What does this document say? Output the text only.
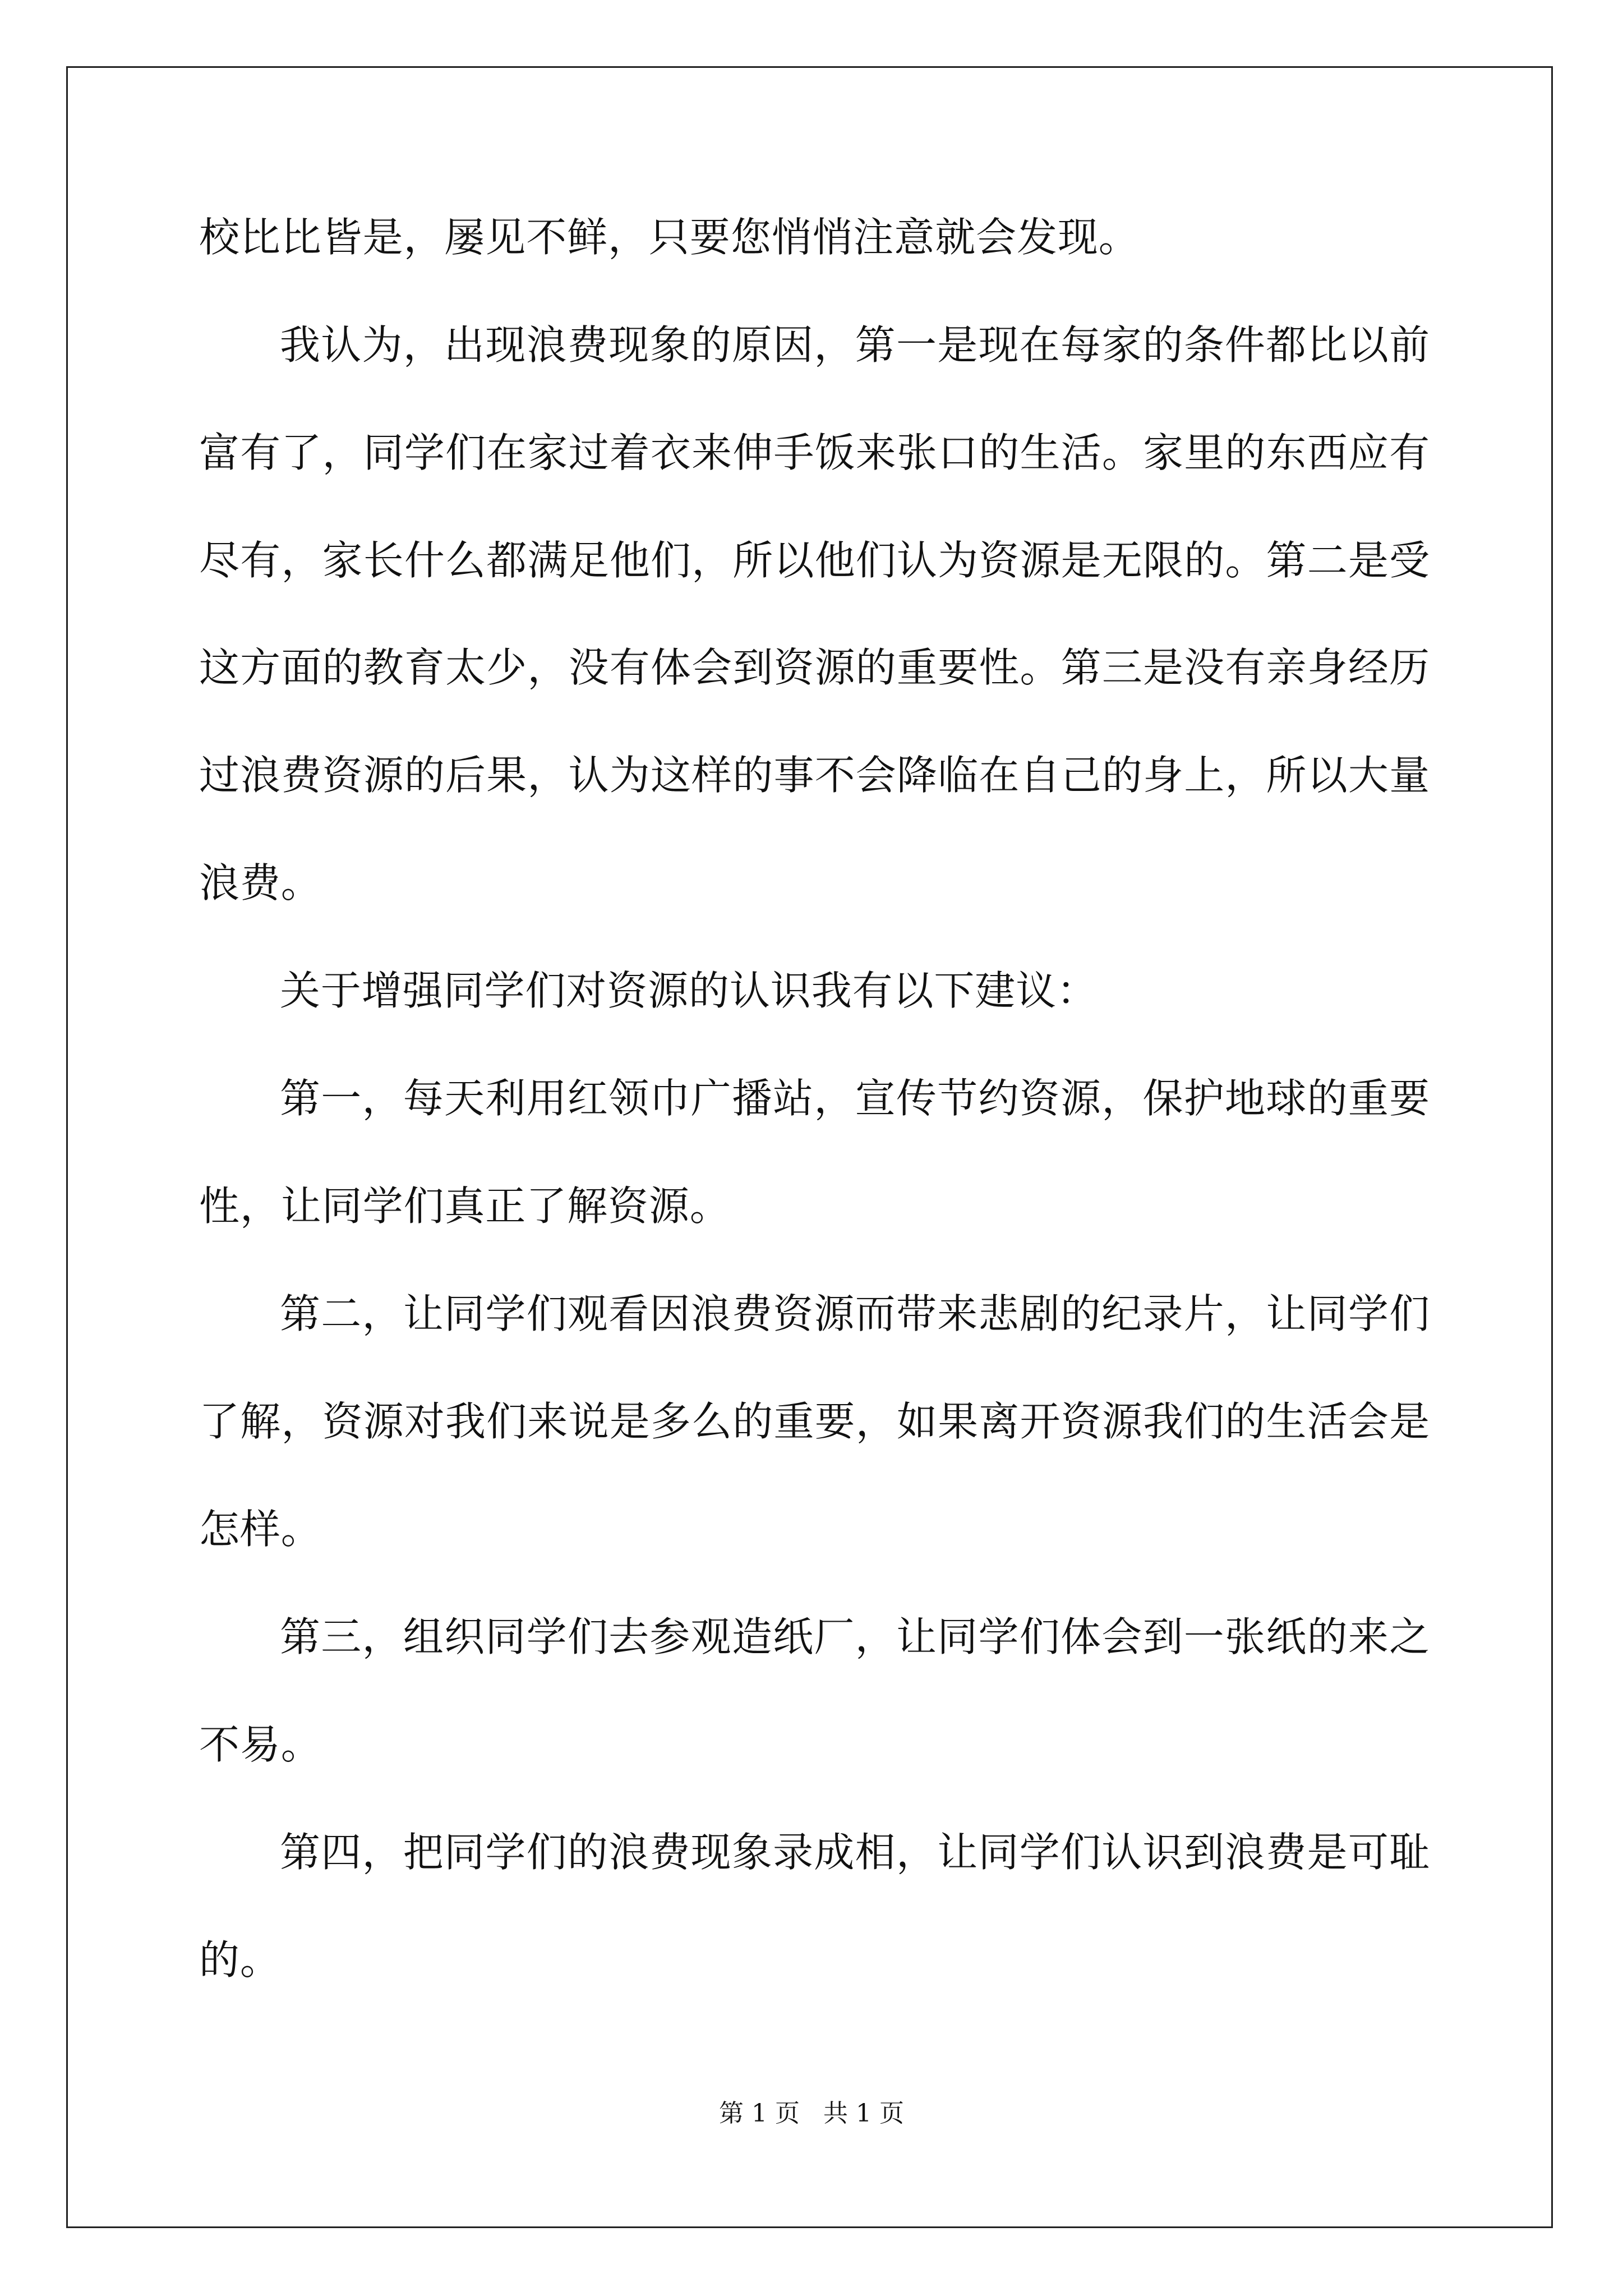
校比比皆是，屡见不鲜，只要您悄悄注意就会发现。
我认为，出现浪费现象的原因，第一是现在每家的条件都比以前
富有了，同学们在家过着衣来伸手饭来张口的生活。家里的东西应有
尽有，家长什么都满足他们，所以他们认为资源是无限的。第二是受
这方面的教育太少，没有体会到资源的重要性。第三是没有亲身经历
过浪费资源的后果，认为这样的事不会降临在自己的身上，所以大量
浪费。
关于增强同学们对资源的认识我有以下建议：
第一，每天利用红领巾广播站，宣传节约资源，保护地球的重要
性，让同学们真正了解资源。
第二，让同学们观看因浪费资源而带来悲剧的纪录片，让同学们
了解，资源对我们来说是多么的重要，如果离开资源我们的生活会是
怎样。
第三，组织同学们去参观造纸厂，让同学们体会到一张纸的来之
不易。
第四，把同学们的浪费现象录成相，让同学们认识到浪费是可耻
的。
第 1 页 共 1 页
